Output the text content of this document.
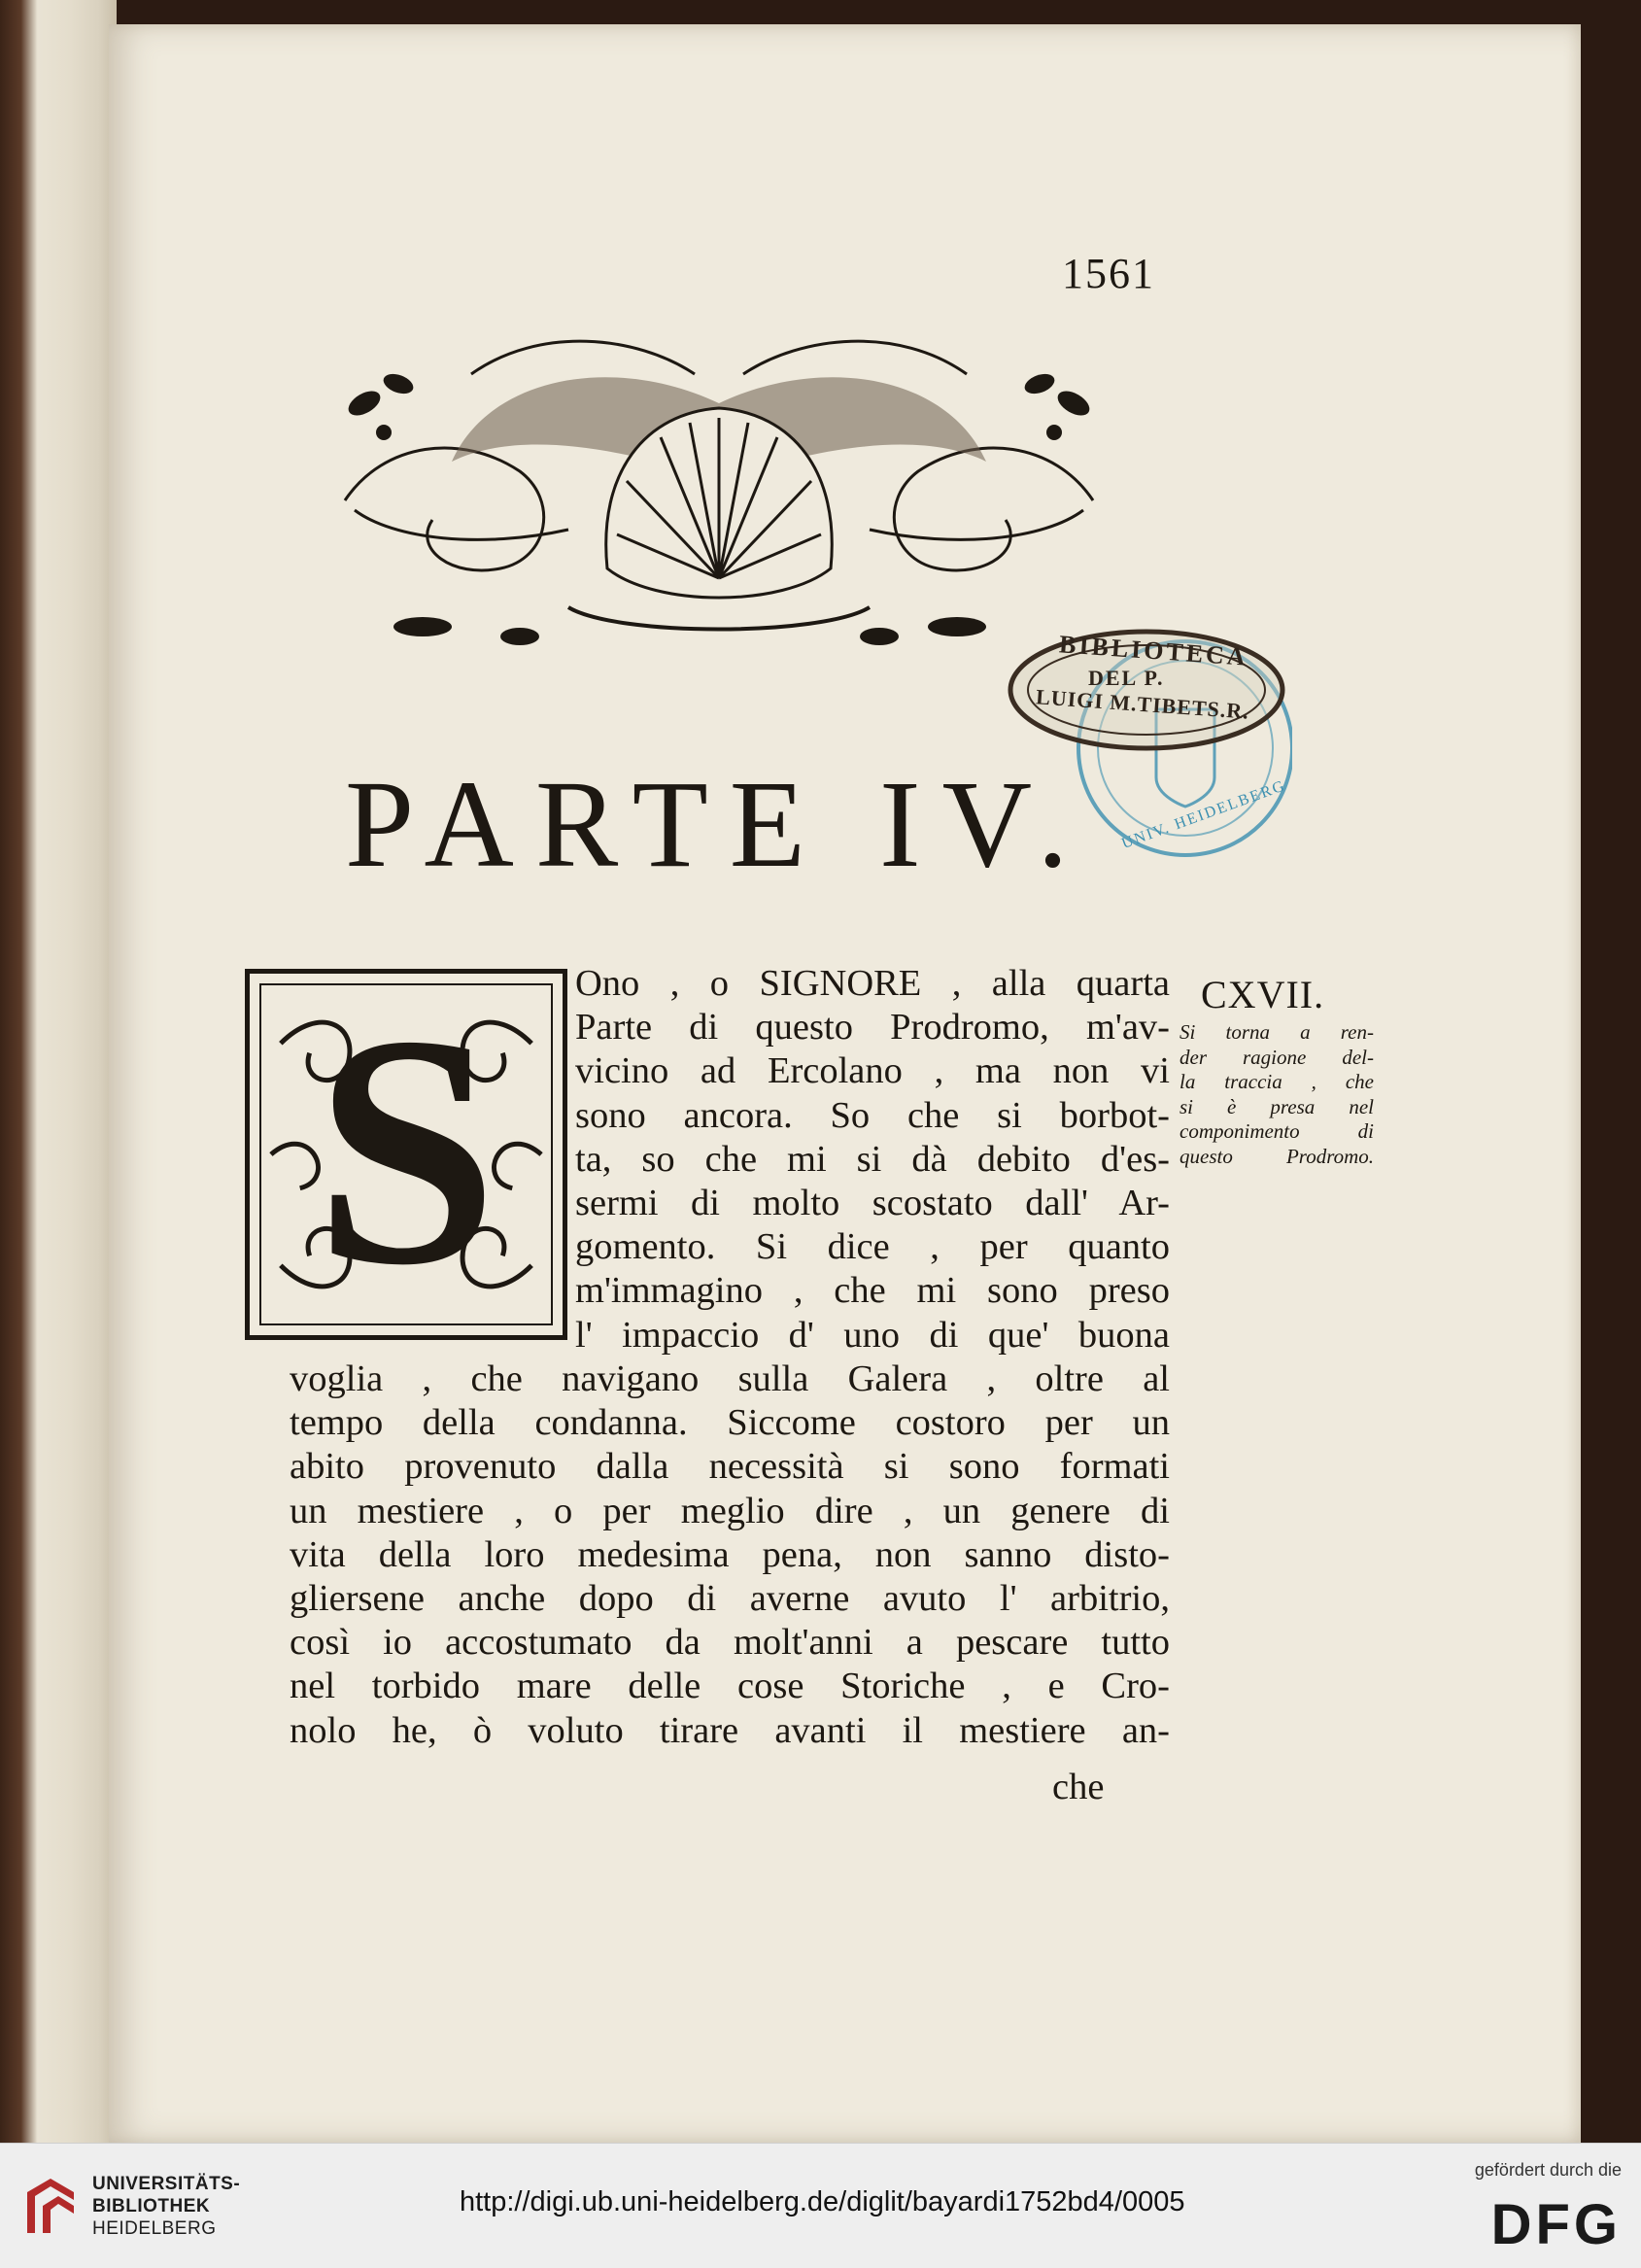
1561
BIBLIOTECA
DEL P.
LUIGI M.TIBETS.R.
UNIV. HEIDELBERG
PARTE IV.
S	Ono , o SIGNORE , alla quarta
Parte di questo Prodromo, m'av-
vicino ad Ercolano , ma non vi
sono ancora. So che si borbot-
ta, so che mi si dà debito d'es-
sermi di molto scostato dall' Ar-
gomento. Si dice , per quanto
m'immagino , che mi sono preso
l' impaccio d' uno di que' buona
voglia , che navigano sulla Galera , oltre al
tempo della condanna. Siccome costoro per un
abito provenuto dalla necessità si sono formati
un mestiere , o per meglio dire , un genere di
vita della loro medesima pena, non sanno disto-
gliersene anche dopo di averne avuto l' arbitrio,
così io accostumato da molt'anni a pescare tutto
nel torbido mare delle cose Storiche , e Cro-
nolo he, ò voluto tirare avanti il mestiere an-
che
CXVII.
Si torna a ren-
der ragione del-
la traccia , che
si è presa nel
componimento di
questo Prodromo.
UNIVERSITÄTS-
BIBLIOTHEK
HEIDELBERG
http://digi.ub.uni-heidelberg.de/diglit/bayardi1752bd4/0005
gefördert durch die
DFG
